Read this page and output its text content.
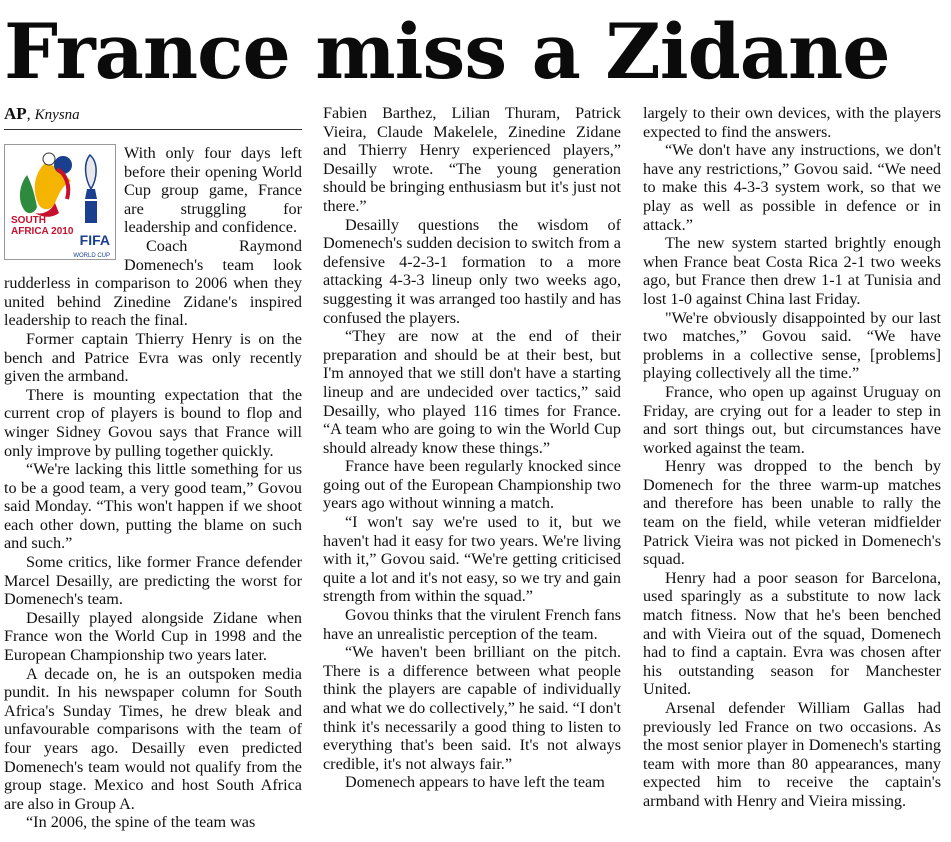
France miss a Zidane
AP, Knysna
SOUTH
AFRICA 2010
FIFA
WORLD CUP

With only four days left before their opening World Cup group game, France are struggling for leadership and confidence.

Coach Raymond Domenech's team look rudderless in comparison to 2006 when they united behind Zinedine Zidane's inspired leadership to reach the final.

Former captain Thierry Henry is on the bench and Patrice Evra was only recently given the armband.

There is mounting expectation that the current crop of players is bound to flop and winger Sidney Govou says that France will only improve by pulling together quickly.

“We're lacking this little something for us to be a good team, a very good team,” Govou said Monday. “This won't happen if we shoot each other down, putting the blame on such and such.”

Some critics, like former France defender Marcel Desailly, are predicting the worst for Domenech's team.

Desailly played alongside Zidane when France won the World Cup in 1998 and the European Championship two years later.

A decade on, he is an outspoken media pundit. In his newspaper column for South Africa's Sunday Times, he drew bleak and unfavourable comparisons with the team of four years ago. Desailly even predicted Domenech's team would not qualify from the group stage. Mexico and host South Africa are also in Group A.

“In 2006, the spine of the team was

Fabien Barthez, Lilian Thuram, Patrick Vieira, Claude Makelele, Zinedine Zidane and Thierry Henry experienced players,” Desailly wrote. “The young generation should be bringing enthusiasm but it's just not there.”

Desailly questions the wisdom of Domenech's sudden decision to switch from a defensive 4-2-3-1 formation to a more attacking 4-3-3 lineup only two weeks ago, suggesting it was arranged too hastily and has confused the players.

“They are now at the end of their preparation and should be at their best, but I'm annoyed that we still don't have a starting lineup and are undecided over tactics,” said Desailly, who played 116 times for France. “A team who are going to win the World Cup should already know these things.”

France have been regularly knocked since going out of the European Championship two years ago without winning a match.

“I won't say we're used to it, but we haven't had it easy for two years. We're living with it,” Govou said. “We're getting criticised quite a lot and it's not easy, so we try and gain strength from within the squad.”

Govou thinks that the virulent French fans have an unrealistic perception of the team.

“We haven't been brilliant on the pitch. There is a difference between what people think the players are capable of individually and what we do collectively,” he said. “I don't think it's necessarily a good thing to listen to everything that's been said. It's not always credible, it's not always fair.”

Domenech appears to have left the team

largely to their own devices, with the players expected to find the answers.

“We don't have any instructions, we don't have any restrictions,” Govou said. “We need to make this 4-3-3 system work, so that we play as well as possible in defence or in attack.”

The new system started brightly enough when France beat Costa Rica 2-1 two weeks ago, but France then drew 1-1 at Tunisia and lost 1-0 against China last Friday.

"We're obviously disappointed by our last two matches,” Govou said. “We have problems in a collective sense, [problems] playing collectively all the time.”

France, who open up against Uruguay on Friday, are crying out for a leader to step in and sort things out, but circumstances have worked against the team.

Henry was dropped to the bench by Domenech for the three warm-up matches and therefore has been unable to rally the team on the field, while veteran midfielder Patrick Vieira was not picked in Domenech's squad.

Henry had a poor season for Barcelona, used sparingly as a substitute to now lack match fitness. Now that he's been benched and with Vieira out of the squad, Domenech had to find a captain. Evra was chosen after his outstanding season for Manchester United.

Arsenal defender William Gallas had previously led France on two occasions. As the most senior player in Domenech's starting team with more than 80 appearances, many expected him to receive the captain's armband with Henry and Vieira missing.
